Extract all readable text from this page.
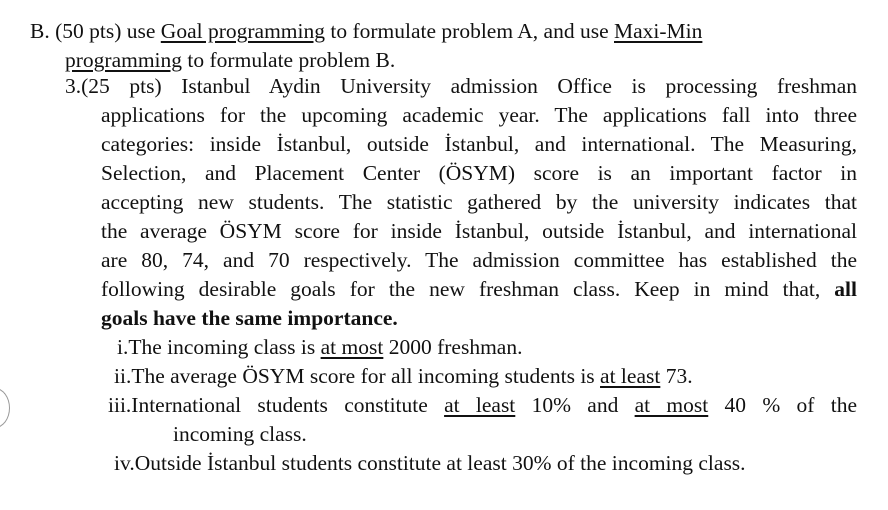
B. (50 pts) use Goal programming to formulate problem A, and use Maxi-Min
programming to formulate problem B.
3.(25 pts) Istanbul Aydin University admission Office is processing freshman
applications for the upcoming academic year. The applications fall into three
categories: inside İstanbul, outside İstanbul, and international. The Measuring,
Selection, and Placement Center (ÖSYM) score is an important factor in
accepting new students. The statistic gathered by the university indicates that
the average ÖSYM score for inside İstanbul, outside İstanbul, and international
are 80, 74, and 70 respectively. The admission committee has established the
following desirable goals for the new freshman class. Keep in mind that, all
goals have the same importance.
i.The incoming class is at most 2000 freshman.
ii.The average ÖSYM score for all incoming students is at least 73.
iii.International students constitute at least 10% and at most 40 % of the
incoming class.
iv.Outside İstanbul students constitute at least 30% of the incoming class.
